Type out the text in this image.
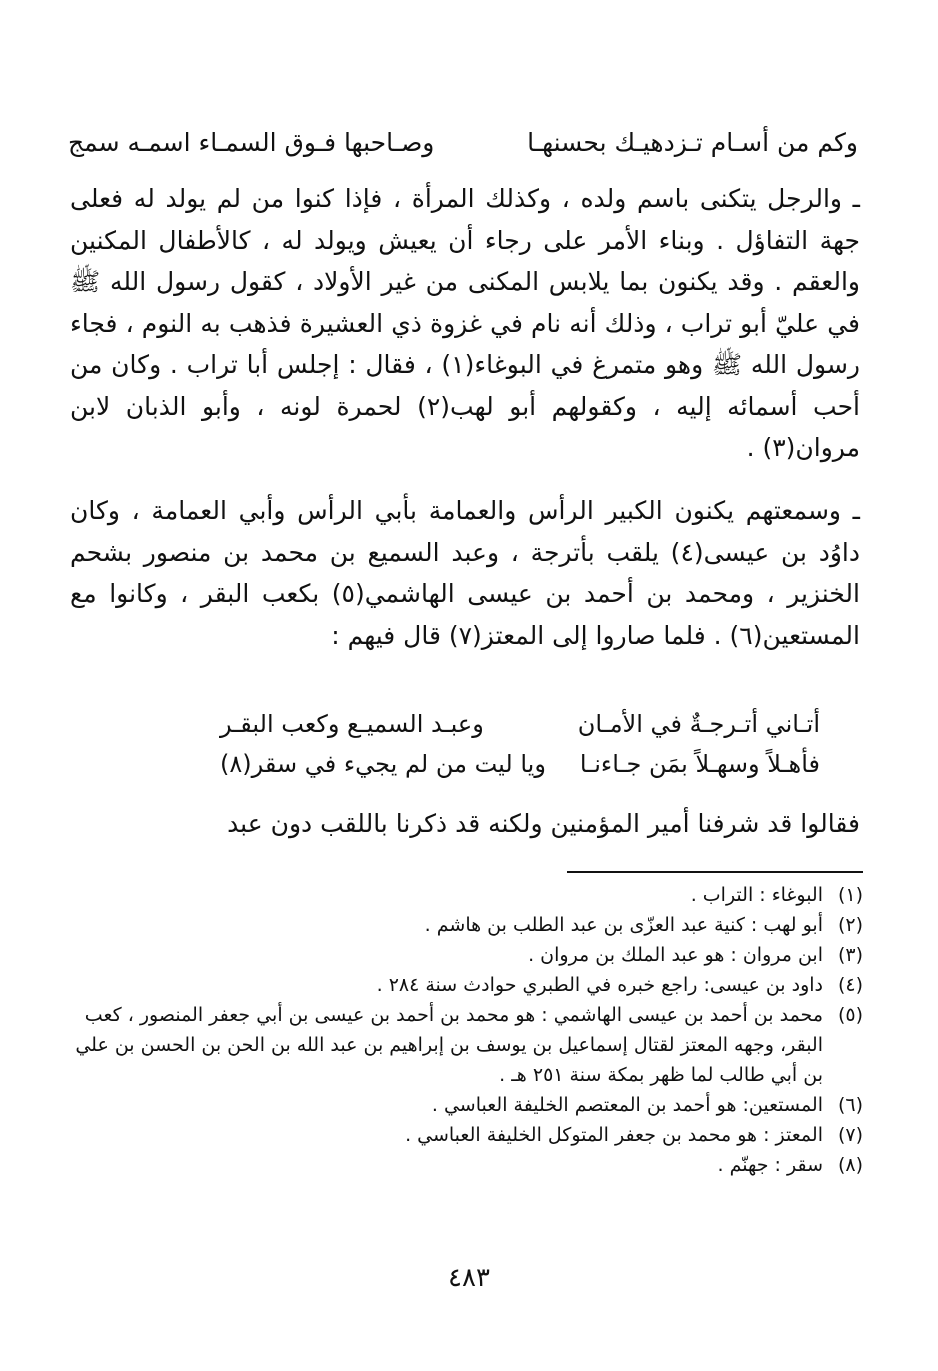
وكم من أسـام تـزدهيـك بحسنهـا
وصـاحبها فـوق السمـاء اسمـه سمج

ـ والرجل يتكنى باسم ولده ، وكذلك المرأة ، فإذا كنوا من لم يولد له فعلى جهة التفاؤل . وبناء الأمر على رجاء أن يعيش ويولد له ، كالأطفال المكنين والعقم . وقد يكنون بما يلابس المكنى من غير الأولاد ، كقول رسول الله ﷺ في عليّ أبو تراب ، وذلك أنه نام في غزوة ذي العشيرة فذهب به النوم ، فجاء رسول الله ﷺ وهو متمرغ في البوغاء(١) ، فقال : إجلس أبا تراب . وكان من أحب أسمائه إليه ، وكقولهم أبو لهب(٢) لحمرة لونه ، وأبو الذبان لابن مروان(٣) .

ـ وسمعتهم يكنون الكبير الرأس والعمامة بأبي الرأس وأبي العمامة ، وكان داوُد بن عيسى(٤) يلقب بأترجة ، وعبد السميع بن محمد بن منصور بشحم الخنزير ، ومحمد بن أحمد بن عيسى الهاشمي(٥) بكعب البقر ، وكانوا مع المستعين(٦) . فلما صاروا إلى المعتز(٧) قال فيهم :

أتـاني أتـرجـةٌ في الأمـان
وعبـد السميـع وكعب البقـر
فأهـلاً وسهـلاً بمَن جـاءنـا
ويا ليت من لم يجيء في سقر(٨)

فقالوا قد شرفنا أمير المؤمنين ولكنه قد ذكرنا باللقب دون عبد

(١)
البوغاء : التراب .
(٢)
أبو لهب : كنية عبد العزّى بن عبد الطلب بن هاشم .
(٣)
ابن مروان : هو عبد الملك بن مروان .
(٤)
داود بن عيسى: راجع خبره في الطبري حوادث سنة ٢٨٤ .
(٥)
محمد بن أحمد بن عيسى الهاشمي : هو محمد بن أحمد بن عيسى بن أبي جعفر المنصور ، كعب البقر، وجهه المعتز لقتال إسماعيل بن يوسف بن إبراهيم بن عبد الله بن الحن بن الحسن بن علي بن أبي طالب لما ظهر بمكة سنة ٢٥١ هـ .
(٦)
المستعين: هو أحمد بن المعتصم الخليفة العباسي .
(٧)
المعتز : هو محمد بن جعفر المتوكل الخليفة العباسي .
(٨)
سقر : جهنّم .
٤٨٣
